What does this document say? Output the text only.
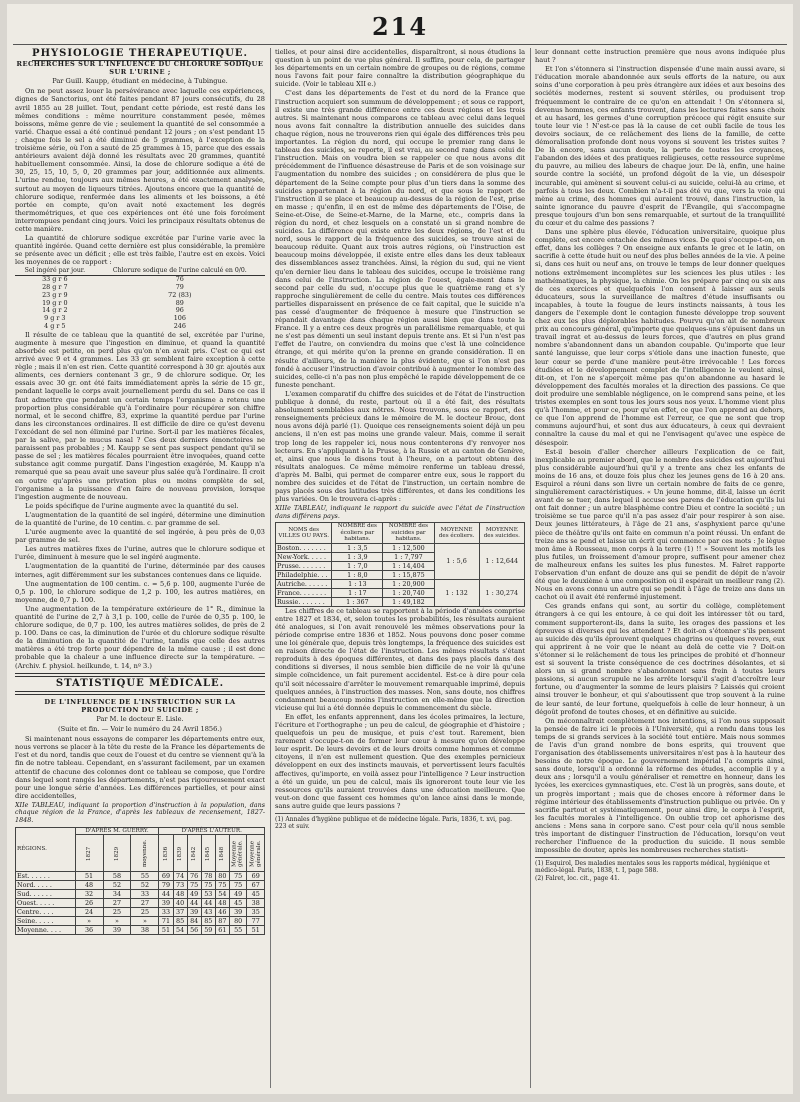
214
PHYSIOLOGIE THÉRAPEUTIQUE.
RECHERCHES SUR L'INFLUENCE DU CHLORURE SODIQUE SUR L'URINE ;
Par Guill. Kaupp, étudiant en médecine, à Tubingue.

On ne peut assez louer la persévérance avec laquelle ces expériences, dignes de Sanctorius, ont été faites pendant 87 jours consécutifs, du 28 avril 1855 au 28 juillet. Tout, pendant cette période, est resté dans les mêmes conditions : même nourriture constamment pesée, mêmes boissons, même genre de vie ; seulement la quantité de sel consommée a varié. Chaque essai a été continué pendant 12 jours ; on s'est pendant 15 ; chaque fois le sel a été diminué de 5 grammes, à l'exception de la troisième série, où l'on a sauté de 25 grammes à 15, parce que des essais antérieurs avaient déjà donné les résultats avec 20 grammes, quantité habituellement consommée. Ainsi, la dose de chlorure sodique a été de 30, 25, 15, 10, 5, 0, 20 grammes par jour, additionnée aux aliments. L'urine rendue, toujours aux mêmes heures, a été exactement analysée, surtout au moyen de liqueurs titrées. Ajoutons encore que la quantité de chlorure sodique, renfermée dans les aliments et les boissons, a été portée en compte, qu'on avait noté exactement les degrés thermométriques, et que ces expériences ont été une fois forcément interrompues pendant cinq jours. Voici les principaux résultats obtenus de cette manière.

La quantité de chlorure sodique excrétée par l'urine varie avec la quantité ingérée. Quand cette dernière est plus considérable, la première se présente avec un déficit ; elle est très faible, l'autre est en excès. Voici les moyennes de ce rapport :

Sel ingéré par jour.	Chlorure sodique de l'urine calculé en 0/0.
33 g r 6	76
28 g r 7	79
23 g r 9	72 (83)
19 g r 0	89
14 g r 2	96
9 g r 3	106
4 g r 5	246

Il résulte de ce tableau que la quantité de sel, excrétée par l'urine, augmente à mesure que l'ingestion en diminue, et quand la quantité absorbée est petite, on perd plus qu'on n'en avait pris. C'est ce qui est arrivé avec 9 et 4 grammes. Les 33 gr. semblent faire exception à cette règle ; mais il n'en est rien. Cette quantité correspond à 30 gr. ajoutés aux aliments, ces derniers contenant 3 gr., 9 de chlorure sodique. Or, les essais avec 30 gr. ont été faits immédiatement après la série de 15 gr., pendant laquelle le corps avait journellement perdu du sel. Dans ce cas il faut admettre que pendant un certain temps l'organisme a retenu une proportion plus considérable qu'à l'ordinaire pour récupérer son chiffre normal, et le second chiffre, 83, exprime la quantité perdue par l'urine dans les circonstances ordinaires. Il est difficile de dire ce qu'est devenu l'excédant de sel non éliminé par l'urine. Sort-il par les matières fécales, par la salive, par le mucus nasal ? Ces deux derniers émonctoires ne paraissent pas probables ; M. Kaupp se sent pas suspect pendant qu'il se passe de sel ; les matières fécales pourraient être invoquées, quand cette substance agit comme purgatif. Dans l'ingestion exagérée, M. Kaupp n'a remarqué que sa peau avait une saveur plus salée qu'à l'ordinaire. Il croit en outre qu'après une privation plus ou moins complète de sel, l'organisme a la puissance d'en faire de nouveau provision, lorsque l'ingestion augmente de nouveau.

Le poids spécifique de l'urine augmente avec la quantité du sel.

L'augmentation de la quantité de sel ingéré, détermine une diminution de la quantité de l'urine, de 10 centim. c. par gramme de sel.

L'urée augmente avec la quantité de sel ingérée, à peu près de 0,03 par gramme de sel.

Les autres matières fixes de l'urine, autres que le chlorure sodique et l'urée, diminuent à mesure que le sel ingéré augmente.

L'augmentation de la quantité de l'urine, déterminée par des causes internes, agit différemment sur les substances contenues dans ce liquide.

Une augmentation de 100 centim. c. = 5,6 p. 100, augmente l'urée de 0,5 p. 100, le chlorure sodique de 1,2 p. 100, les autres matières, en moyenne, de 0,7 p. 100.

Une augmentation de la température extérieure de 1° R., diminue la quantité de l'urine de 2,7 à 3,1 p. 100, celle de l'urée de 0,35 p. 100, le chlorure sodique, de 0,7 p. 100, les autres matières solides, de près de 2 p. 100. Dans ce cas, la diminution de l'urée et du chlorure sodique résulte de la diminution de la quantité de l'urine, tandis que celle des autres matières a été trop forte pour dépendre de la même cause ; il est donc probable que la chaleur a une influence directe sur la température. — (Archiv. f. physiol. heilkunde, t. 14, nº 3.)

STATISTIQUE MÉDICALE.
DE L'INFLUENCE DE L'INSTRUCTION SUR LA PRODUCTION DU SUICIDE ;
Par M. le docteur E. Lisle.
(Suite et fin. — Voir le numéro du 24 Avril 1856.)

Si maintenant nous essayons de comparer les départements entre eux, nous verrons se placer à la tête du reste de la France les départements de l'est et du nord, tandis que ceux de l'ouest et du centre se viennent qu'à la fin de notre tableau. Cependant, en s'assurant facilement, par un examen attentif de chacune des colonnes dont ce tableau se compose, que l'ordre dans lequel sont rangés les départements, n'est pas rigoureusement exact pour une longue série d'années. Les différences partielles, et pour ainsi dire accidentelles,

XIIe TABLEAU, indiquant la proportion d'instruction à la population, dans chaque région de la France, d'après les tableaux de recensement, 1827-1848.
RÉGIONS.	D'APRÈS M. GUERRY.			D'APRÈS L'AUTEUR.						
	1827	1829	moyenne.	1836	1839	1842	1845	1848	Moyenne générale.	Moyenne générale.
Est. . . . . .	51	58	55	69	74	76	78	80	75	69
Nord. . . . .	48	52	52	79	73	75	75	75	75	67
Sud. . . . . .	32	34	33	44	48	49	53	54	49	45
Ouest. . . . .	26	27	27	39	40	44	44	48	45	38
Centre. . . .	24	25	25	33	37	39	43	46	39	35
Seine. . . . .	»	»	»	71	85	84	85	87	80	77
Moyenne. . . .	36	39	38	51	54	56	59	61	55	51

tielles, et pour ainsi dire accidentelles, disparaîtront, si nous étudions la question à un point de vue plus général. Il suffira, pour cela, de partager les départements en un certain nombre de groupes ou de régions, comme nous l'avons fait pour faire connaître la distribution géographique du suicide. (Voir le tableau XII e.)

C'est dans les départements de l'est et du nord de la France que l'instruction acquiert son summum de développement ; et sous ce rapport, il existe une très grande différence entre ces deux régions et les trois autres. Si maintenant nous comparons ce tableau avec celui dans lequel nous avons fait connaître la distribution annuelle des suicides dans chaque région, nous ne trouverons rien qui égale des différences très peu importantes. La région du nord, qui occupe le premier rang dans le tableau des suicides, se reporte, il est vrai, au second rang dans celui de l'instruction. Mais on voudra bien se rappeler ce que nous avons dit précédemment de l'influence désastreuse de Paris et de son voisinage sur l'augmentation du nombre des suicides ; on considérera de plus que le département de la Seine compte pour plus d'un tiers dans la somme des suicides appartenant à la région du nord, et que sous le rapport de l'instruction il se place et beaucoup au-dessus de la région de l'est, prise en masse ; qu'enfin, il en est de même des départements de l'Oise, de Seine-et-Oise, de Seine-et-Marne, de la Marne, etc., compris dans la région du nord, et chez lesquels on a constaté un si grand nombre de suicides. La différence qui existe entre les deux régions, de l'est et du nord, sous le rapport de la fréquence des suicides, se trouve ainsi de beaucoup réduite. Quant aux trois autres régions, où l'instruction est beaucoup moins développée, il existe entre elles dans les deux tableaux des dissemblances assez tranchées. Ainsi, la région du sud, qui ne vient qu'en dernier lieu dans le tableau des suicides, occupe le troisième rang dans celui de l'instruction. La région de l'ouest, égale-ment dans le second par celle du sud, n'occupe plus que le quatrième rang et s'y rapproche singulièrement de celle du centre. Mais toutes ces différences partielles disparaissent en présence de ce fait capital, que le suicide n'a pas cessé d'augmenter de fréquence à mesure que l'instruction se répandait davantage dans chaque région aussi bien que dans toute la France. Il y a entre ces deux progrès un parallélisme remarquable, et qui ne s'est pas démenti un seul instant depuis trente ans. Et si l'un n'est pas l'effet de l'autre, on conviendra du moins que c'est là une coïncidence étrange, et qui mérite qu'on la prenne en grande considération. Il en résulte d'ailleurs, de la manière la plus évidente, que si l'on n'est pas fondé à accuser l'instruction d'avoir contribué à augmenter le nombre des suicides, celle-ci n'a pas non plus empêché le rapide développement de ce funeste penchant.

L'examen comparatif du chiffre des suicides et de l'état de l'instruction publique à donné, du reste, partout où il a été fait, des résultats absolument semblables aux nôtres. Nous trouvons, sous ce rapport, des renseignements précieux dans le mémoire de M. le docteur Brouc, dont nous avons déjà parlé (1). Quoique ces renseignements soient déjà un peu anciens, il n'en est pas moins une grande valeur. Mais, comme il serait trop long de les rappeler ici, nous nous contenterons d'y renvoyer nos lecteurs. En s'appliquant à la Prusse, à la Russie et au canton de Genève, et, ainsi que nous le disons tout à l'heure, on a partout obtenu des résultats analogues. Ce même mémoire renferme un tableau dressé, d'après M. Balbi, qui permet de comparer entre eux, sous le rapport du nombre des suicides et de l'état de l'instruction, un certain nombre de pays placés sous des latitudes très différentes, et dans les conditions les plus variées. On le trouvera ci-après :

XIIIe TABLEAU, indiquant le rapport du suicide avec l'état de l'instruction dans différens pays.
NOMS des VILLES OU PAYS.	NOMBRE des écoliers par habitans.	NOMBRE des suicides par habitans.	MOYENNE des écoliers.	MOYENNE des suicides.
Boston. . . . . . .	1 : 3,5	1 : 12,500	1 : 5,6	1 : 12,644
New-York. . . . .	1 : 3,9	1 : 7,797		
Prusse. . . . . . .	1 : 7,0	1 : 14,404		
Philadelphie. . .	1 : 8,0	1 : 15,875		
Autriche. . . . . .	1 : 13	1 : 20,900	1 : 132	1 : 30,274
France. . . . . . .	1 : 17	1 : 20,740		
Russie. . . . . . .	1 : 367	1 : 49,182		

Les chiffres de ce tableau se rapportent à la période d'années comprise entre 1827 et 1834, et, selon toutes les probabilités, les résultats auraient été analogues, si l'on avait renouvelé les mêmes observations pour la période comprise entre 1836 et 1852. Nous pouvons donc poser comme une loi générale que, depuis très longtemps, la fréquence des suicides est en raison directe de l'état de l'instruction. Les mêmes résultats s'étant reproduits à des époques différentes, et dans des pays placés dans des conditions si diverses, il nous semble bien difficile de ne voir là qu'une simple coïncidence, un fait purement accidentel. Est-ce à dire pour cela qu'il soit nécessaire d'arrêter le mouvement remarquable imprimé, depuis quelques années, à l'instruction des masses. Non, sans doute, nos chiffres condamnent beaucoup moins l'instruction en elle-même que la direction vicieuse qui lui a été donnée depuis le commencement du siècle.

En effet, les enfants apprennent, dans les écoles primaires, la lecture, l'écriture et l'orthographe ; un peu de calcul, de géographie et d'histoire ; quelquefois un peu de musique, et puis c'est tout. Rarement, bien rarement s'occupe-t-on de former leur cœur à mesure qu'on développe leur esprit. De leurs devoirs et de leurs droits comme hommes et comme citoyens, il n'en est nullement question. Que des exemples pernicieux développent en eux des instincts mauvais, et pervertissent leurs facultés affectives, qu'importe, en voilà assez pour l'intelligence ? Leur instruction a été un guide, un peu de calcul, mais ils ignoreront toute leur vie les ressources qu'ils auraient trouvées dans une éducation meilleure. Que veut-on donc que fassent ces hommes qu'on lance ainsi dans le monde, sans autre guide que leurs passions ?

(1) Annales d'hygiène publique et de médecine légale. Paris, 1836, t. xvi, pag. 223 et suiv.

leur donnant cette instruction première que nous avons indiquée plus haut ?

Et l'on s'étonnera si l'instruction dispensée d'une main aussi avare, si l'éducation morale abandonnée aux seuls efforts de la nature, ou aux soins d'une corporation à peu près étrangère aux idées et aux besoins des sociétés modernes, restent si souvent stériles, ou produisent trop fréquemment le contraire de ce qu'on en attendait ! On s'étonnera si, devenus hommes, ces enfants trouvent, dans les lectures faites sans choix et au hasard, les germes d'une corruption précoce qui régit ensuite sur toute leur vie ! N'est-ce pas là la cause de cet oubli facile de tous les devoirs sociaux, de ce relâchement des liens de la famille, de cette démoralisation profonde dont nous voyons si souvent les tristes suites ? De là encore, sans aucun doute, la perte de toutes les croyances, l'abandon des idées et des pratiques religieuses, cette ressource suprême du pauvre, au milieu des labeurs de chaque jour. De là, enfin, une haine sourde contre la société, un profond dégoût de la vie, un désespoir incurable, qui amènent si souvent celui-ci au suicide, celui-là au crime, et parfois à tous les deux. Combien n'a-t-il pas été vu que, vers la voie qui mène au crime, des hommes qui auraient trouvé, dans l'instruction, la sainte ignorance du pauvre d'esprit de l'Évangile, qui s'accompagne presque toujours d'un bon sens remarquable, et surtout de la tranquillité du cœur et du calme des passions ?

Dans une sphère plus élevée, l'éducation universitaire, quoique plus complète, est encore entachée des mêmes vices. De quoi s'occupe-t-on, en effet, dans les collèges ? On enseigne aux enfants le grec et le latin, on sacrifie à cette étude huit ou neuf des plus belles années de la vie. A peine si, dans ces huit ou neuf ans, on trouve le temps de leur donner quelques notions extrêmement incomplètes sur les sciences les plus utiles : les mathématiques, la physique, la chimie. On les prépare par cinq ou six ans de ces exercices et quelquefois l'on consent à laisser aux seuls éducateurs, sous la surveillance de maîtres d'étude insuffisants ou incapables, à toute la fougue de leurs instincts naissants, à tous les dangers de l'exemple dont le contagion funeste développe trop souvent chez eux les plus déplorables habitudes. Pourvu qu'on ait de nombreux prix au concours général, qu'importe que quelques-uns s'épuisent dans un travail ingrat et au-dessus de leurs forces, que d'autres en plus grand nombre s'abandonnent dans un abandon coupable. Qu'importe que leur santé languisse, que leur corps s'étiole dans une inaction funeste, que leur cœur se perde d'une manière peut-être irrévocable ! Les forces étudiées et le développement complet de l'intelligence le veulent ainsi, dit-on, et l'on ne s'aperçoit même pas qu'on abandonne au hasard le développement des facultés morales et la direction des passions. Ce que doit produire une semblable négligence, on le comprend sans peine, et les tristes exemples en sont tous les jours sous nos yeux. L'homme vient plus qu'à l'homme, et pour ce, pour qu'en effet, ce que l'on apprend au dehors, ce que l'on apprend de l'homme est l'erreur, ce que ne sont que trop communs aujourd'hui, et sont dus aux éducateurs, à ceux qui devraient connaître la cause du mal et qui ne l'envisagent qu'avec une espèce de désespoir.

Est-il besoin d'aller chercher ailleurs l'explication de ce fait, inexplicable au premier abord, que le nombre des suicides est aujourd'hui plus considérable aujourd'hui qu'il y a trente ans chez les enfants de moins de 16 ans, et douze fois plus chez les jeunes gens de 16 à 20 ans. Esquirol a réuni dans son livre un certain nombre de faits de ce genre, singulièrement caractéristiques. « Un jeune homme, dit-il, laisse un écrit avant de se tuer, dans lequel il accuse ses parens de l'éducation qu'ils lui ont fait donner ; un autre blasphème contre Dieu et contre la société ; un troisième se tue parce qu'il n'a pas assez d'air pour respirer à son aise. Deux jeunes littérateurs, à l'âge de 21 ans, s'asphyxient parce qu'une pièce de théâtre qu'ils ont faite en commun n'a point réussi. Un enfant de treize ans se pend et laisse un écrit qui commence par ces mots : Je lègue mon âme à Rousseau, mon corps à la terre (1) !! » Souvent les motifs les plus futiles, un froissement d'amour propre, suffisent pour amener chez de malheureux enfans les suites les plus funestes. M. Falret rapporte l'observation d'un enfant de douze ans qui se pendit de dépit de n'avoir été que le deuxième à une composition où il espérait un meilleur rang (2). Nous en avons connu un autre qui se pendit à l'âge de treize ans dans un cachot où il avait été renfermé injustement.

Ces grands enfans qui sont, au sortir du collège, complètement étrangers à ce qui les entoure, à ce qui doit les intéresser tôt ou tard, comment supporteront-ils, dans la suite, les orages des passions et les épreuves si diverses qui les attendent ? Et doit-on s'étonner s'ils pensent au suicide dès qu'ils éprouvent quelques chagrins ou quelques revers, eux qui apprirent à ne voir que le néant au delà de cette vie ? Doit-on s'étonner si le relâchement de tous les principes de probité et d'honneur est si souvent la triste conséquence de ces doctrines désolantes, et si alors un si grand nombre s'abandonnent sans frein à toutes leurs passions, si aucun scrupule ne les arrête lorsqu'il s'agit d'accroître leur fortune, ou d'augmenter la somme de leurs plaisirs ? Laissés qui croient ainsi trouver le bonheur, et qui s'aboutissent que trop souvent à la ruine de leur santé, de leur fortune, quelquefois à celle de leur honneur, à un dégoût profond de toutes choses, et en définitive au suicide.

On méconnaîtrait complètement nos intentions, si l'on nous supposait la pensée de faire ici le procès à l'Université, qui a rendu dans tous les temps de si grands services à la société tout entière. Mais nous sommes de l'avis d'un grand nombre de bons esprits, qui trouvent que l'organisation des établissements universitaires n'est pas à la hauteur des besoins de notre époque. Le gouvernement impérial l'a compris ainsi, sans doute, lorsqu'il a ordonné la réforme des études, accomplie il y a deux ans ; lorsqu'il a voulu généraliser et remettre en honneur, dans les lycées, les exercices gymnastiques, etc. C'est là un progrès, sans doute, et un progrès important ; mais que de choses encore à réformer dans le régime intérieur des établissements d'instruction publique ou privée. On y sacrifie partout et systématiquement, pour ainsi dire, le corps à l'esprit, les facultés morales à l'intelligence. On oublie trop cet aphorisme des anciens : Mens sana in corpore sano. C'est pour cela qu'il nous semble très important de distinguer l'instruction de l'éducation, lorsqu'on veut rechercher l'influence de la production du suicide. Il nous semble impossible de douter, après les nombreuses recherches statisti-

(1) Esquirol, Des maladies mentales sous les rapports médical, hygiénique et médico-légal. Paris, 1838, t. I, page 588.
(2) Falret, loc. cit., page 41.
